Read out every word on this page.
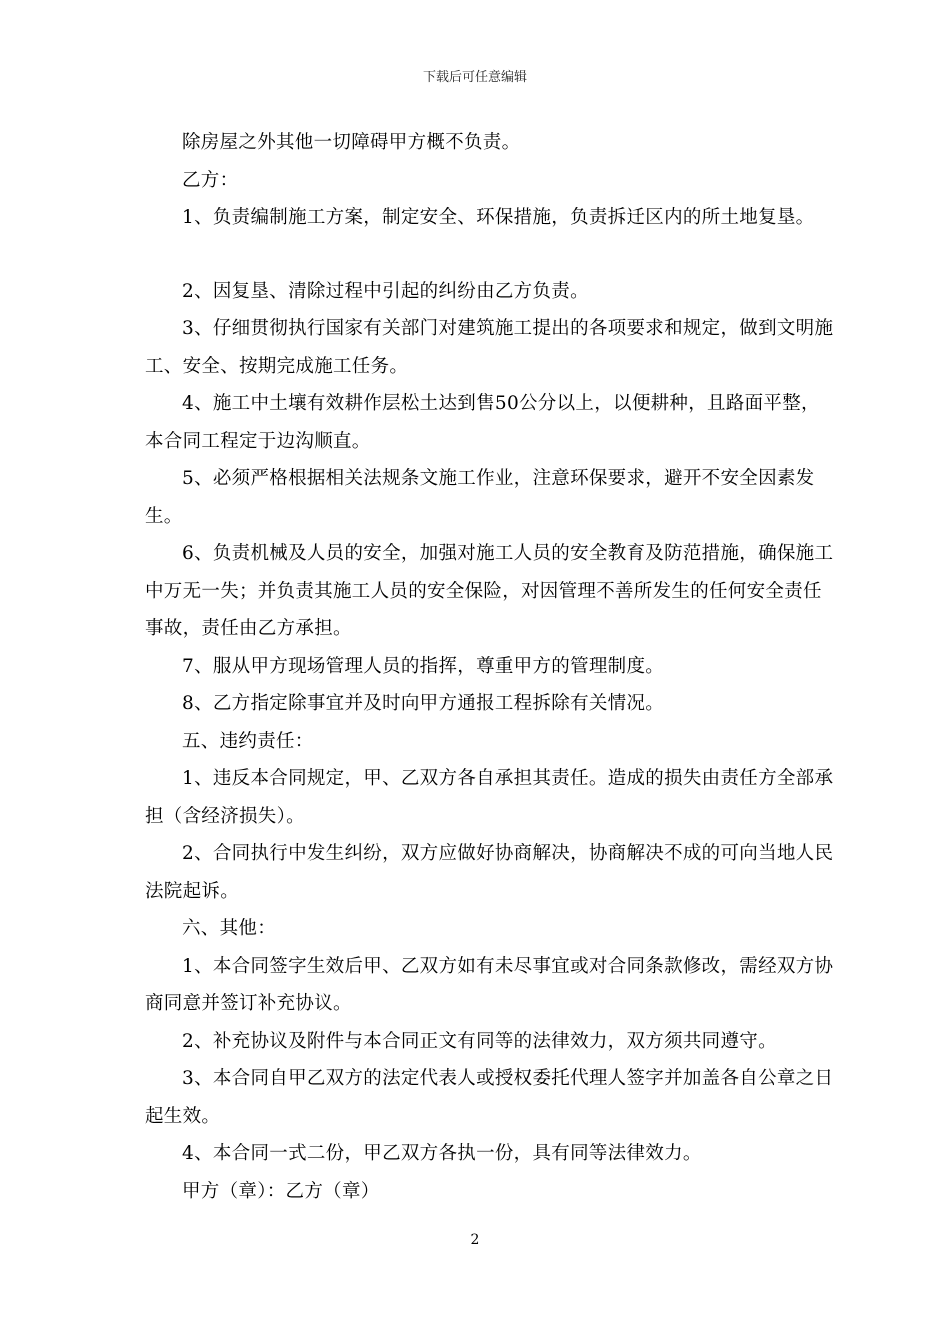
下载后可任意编辑

除房屋之外其他一切障碍甲方概不负责。

乙方：

1、负责编制施工方案，制定安全、环保措施，负责拆迁区内的所土地复垦。

2、因复垦、清除过程中引起的纠纷由乙方负责。

3、仔细贯彻执行国家有关部门对建筑施工提出的各项要求和规定，做到文明施工、安全、按期完成施工任务。

4、施工中土壤有效耕作层松土达到售50公分以上，以便耕种，且路面平整，本合同工程定于边沟顺直。

5、必须严格根据相关法规条文施工作业，注意环保要求，避开不安全因素发生。

6、负责机械及人员的安全，加强对施工人员的安全教育及防范措施，确保施工中万无一失；并负责其施工人员的安全保险，对因管理不善所发生的任何安全责任事故，责任由乙方承担。

7、服从甲方现场管理人员的指挥，尊重甲方的管理制度。

8、乙方指定除事宜并及时向甲方通报工程拆除有关情况。

五、违约责任：

1、违反本合同规定，甲、乙双方各自承担其责任。造成的损失由责任方全部承担（含经济损失）。

2、合同执行中发生纠纷，双方应做好协商解决，协商解决不成的可向当地人民法院起诉。

六、其他：

1、本合同签字生效后甲、乙双方如有未尽事宜或对合同条款修改，需经双方协商同意并签订补充协议。

2、补充协议及附件与本合同正文有同等的法律效力，双方须共同遵守。

3、本合同自甲乙双方的法定代表人或授权委托代理人签字并加盖各自公章之日起生效。

4、本合同一式二份，甲乙双方各执一份，具有同等法律效力。

甲方（章）：乙方（章）

2
